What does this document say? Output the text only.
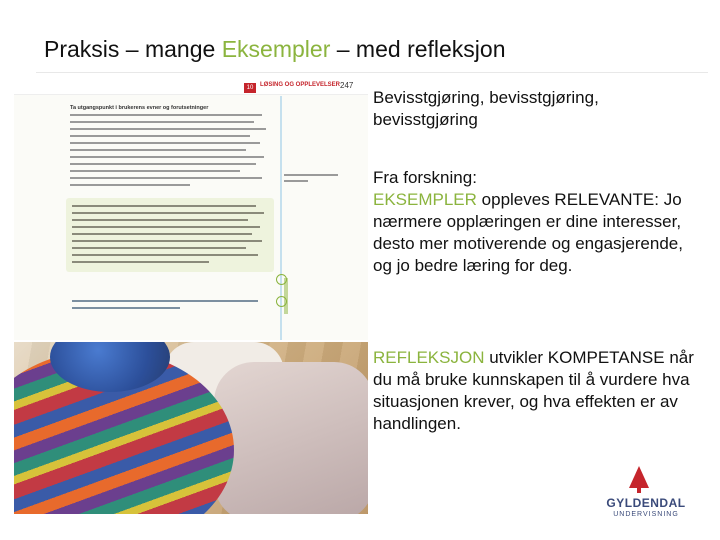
Praksis – mange Eksempler – med refleksjon
10	LØSING OG OPPLEVELSER 247
Ta utgangspunkt i brukerens evner og forutsetninger
Bevisstgjøring, bevisstgjøring, bevisstgjøring
Fra forskning:
EKSEMPLER oppleves RELEVANTE: Jo nærmere opplæringen er dine interesser, desto mer motiverende og engasjerende, og jo bedre læring for deg.
REFLEKSJON utvikler KOMPETANSE når du må bruke kunnskapen til å vurdere hva situasjonen krever, og hva effekten er av handlingen.
GYLDENDAL
UNDERVISNING
